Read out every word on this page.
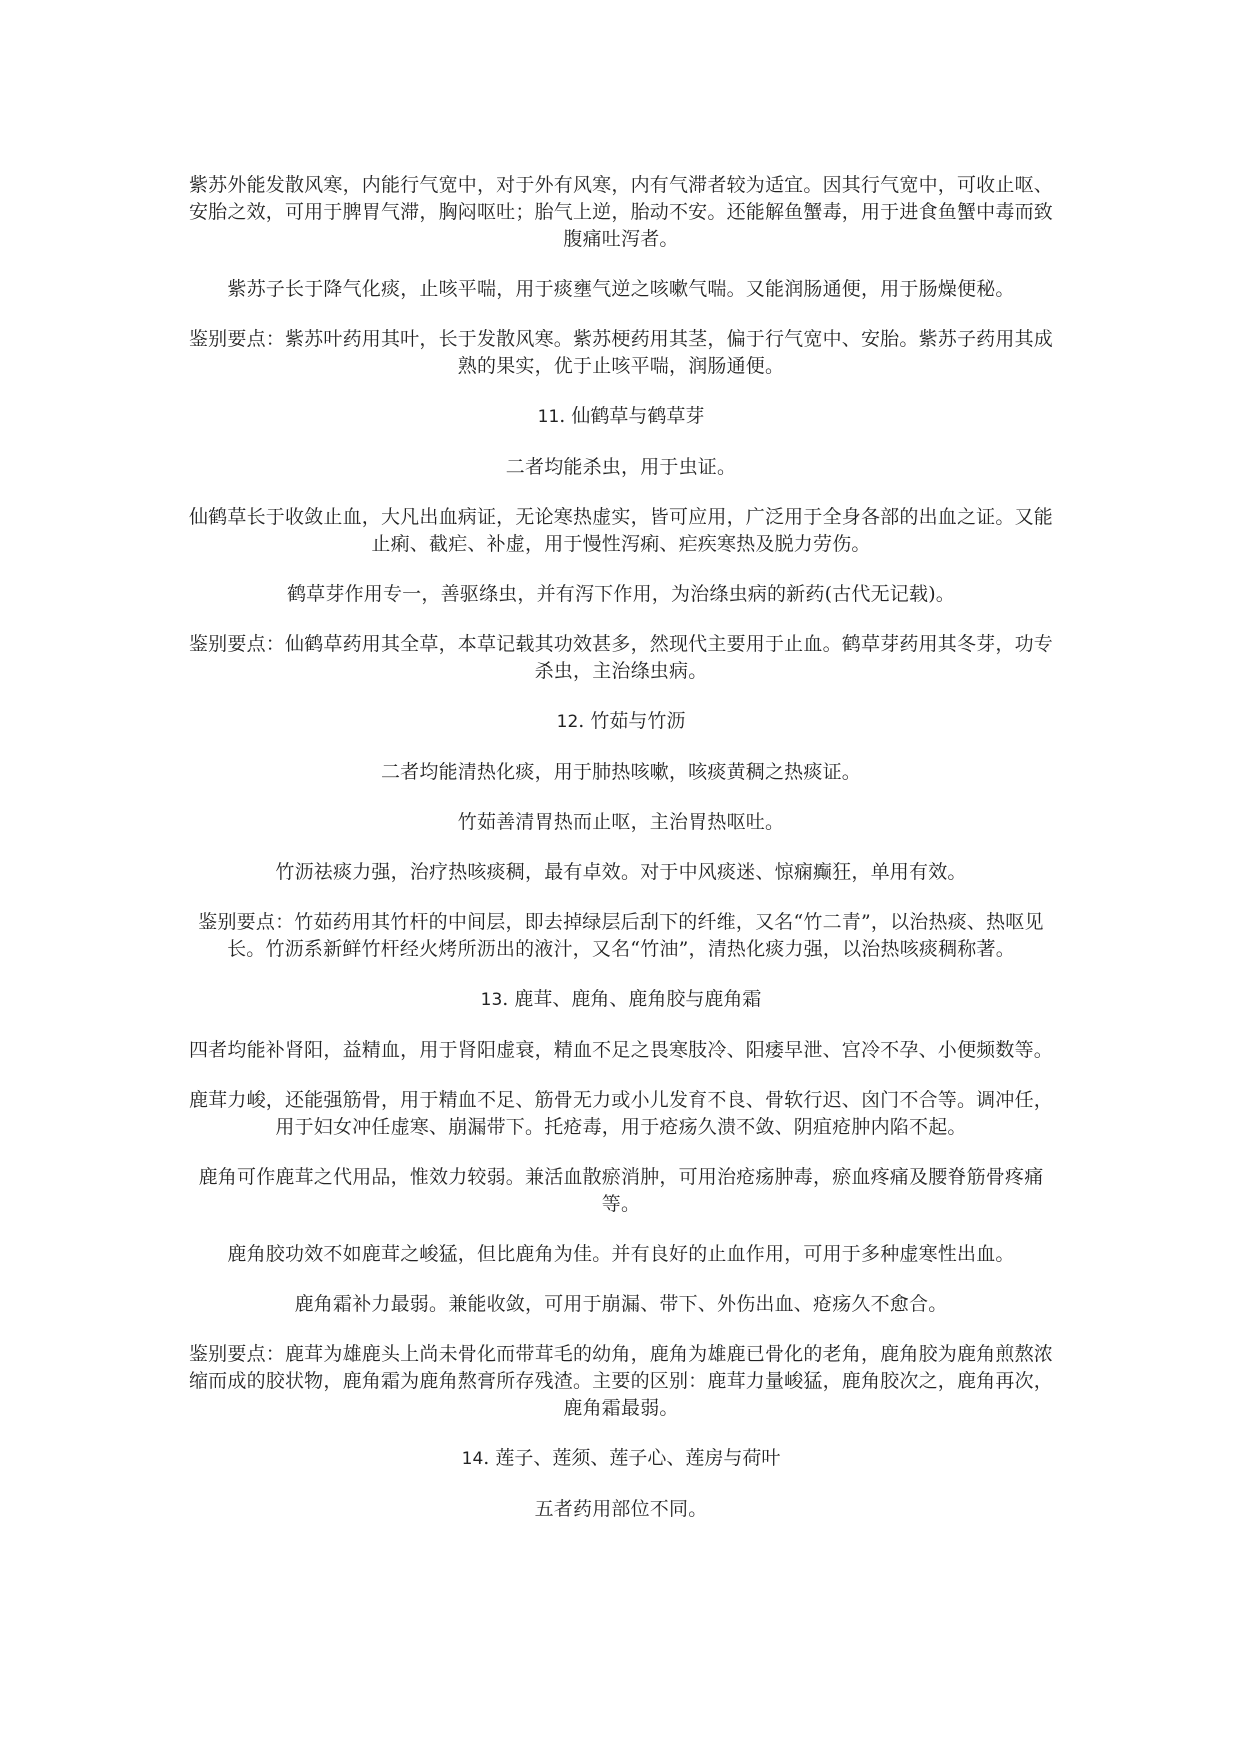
紫苏外能发散风寒，内能行气宽中，对于外有风寒，内有气滞者较为适宜。因其行气宽中，可收止呕、安胎之效，可用于脾胃气滞，胸闷呕吐；胎气上逆，胎动不安。还能解鱼蟹毒，用于进食鱼蟹中毒而致腹痛吐泻者。

紫苏子长于降气化痰，止咳平喘，用于痰壅气逆之咳嗽气喘。又能润肠通便，用于肠燥便秘。

鉴别要点：紫苏叶药用其叶，长于发散风寒。紫苏梗药用其茎，偏于行气宽中、安胎。紫苏子药用其成熟的果实，优于止咳平喘，润肠通便。

11. 仙鹤草与鹤草芽

二者均能杀虫，用于虫证。

仙鹤草长于收敛止血，大凡出血病证，无论寒热虚实，皆可应用，广泛用于全身各部的出血之证。又能止痢、截疟、补虚，用于慢性泻痢、疟疾寒热及脱力劳伤。

鹤草芽作用专一，善驱绦虫，并有泻下作用，为治绦虫病的新药(古代无记载)。

鉴别要点：仙鹤草药用其全草，本草记载其功效甚多，然现代主要用于止血。鹤草芽药用其冬芽，功专杀虫，主治绦虫病。

12. 竹茹与竹沥

二者均能清热化痰，用于肺热咳嗽，咳痰黄稠之热痰证。

竹茹善清胃热而止呕，主治胃热呕吐。

竹沥祛痰力强，治疗热咳痰稠，最有卓效。对于中风痰迷、惊痫癫狂，单用有效。

鉴别要点：竹茹药用其竹杆的中间层，即去掉绿层后刮下的纤维，又名“竹二青”，以治热痰、热呕见长。竹沥系新鲜竹杆经火烤所沥出的液汁，又名“竹油”，清热化痰力强，以治热咳痰稠称著。

13. 鹿茸、鹿角、鹿角胶与鹿角霜

四者均能补肾阳，益精血，用于肾阳虚衰，精血不足之畏寒肢冷、阳痿早泄、宫冷不孕、小便频数等。

鹿茸力峻，还能强筋骨，用于精血不足、筋骨无力或小儿发育不良、骨软行迟、囟门不合等。调冲任，用于妇女冲任虚寒、崩漏带下。托疮毒，用于疮疡久溃不敛、阴疽疮肿内陷不起。

鹿角可作鹿茸之代用品，惟效力较弱。兼活血散瘀消肿，可用治疮疡肿毒，瘀血疼痛及腰脊筋骨疼痛等。

鹿角胶功效不如鹿茸之峻猛，但比鹿角为佳。并有良好的止血作用，可用于多种虚寒性出血。

鹿角霜补力最弱。兼能收敛，可用于崩漏、带下、外伤出血、疮疡久不愈合。

鉴别要点：鹿茸为雄鹿头上尚未骨化而带茸毛的幼角，鹿角为雄鹿已骨化的老角，鹿角胶为鹿角煎熬浓缩而成的胶状物，鹿角霜为鹿角熬膏所存残渣。主要的区别：鹿茸力量峻猛，鹿角胶次之，鹿角再次，鹿角霜最弱。

14. 莲子、莲须、莲子心、莲房与荷叶

五者药用部位不同。
